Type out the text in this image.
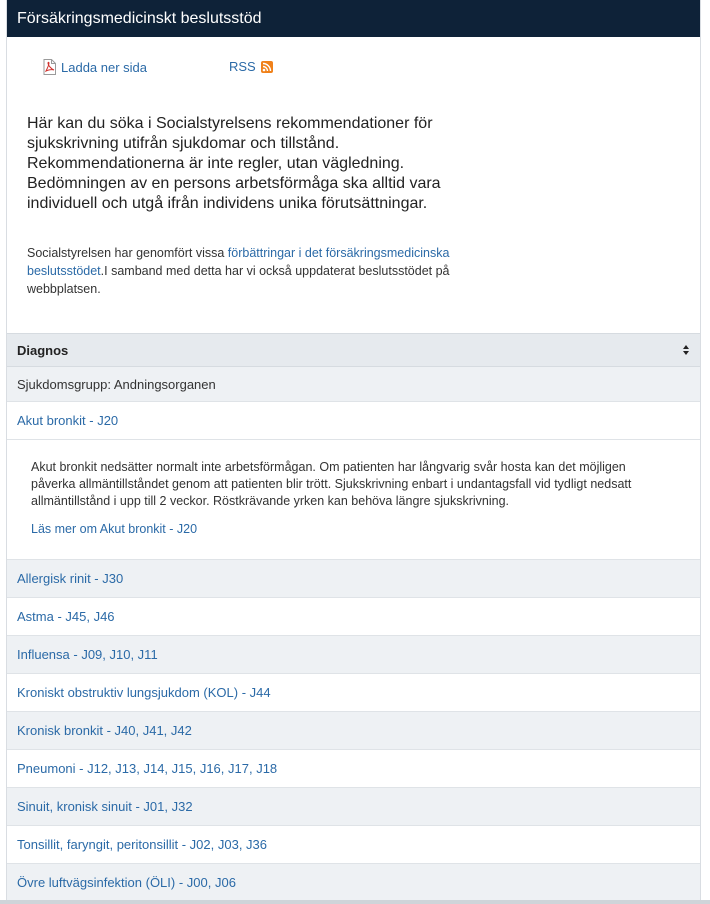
Försäkringsmedicinskt beslutsstöd
Ladda ner sida	RSS
Här kan du söka i Socialstyrelsens rekommendationer för sjukskrivning utifrån sjukdomar och tillstånd. Rekommendationerna är inte regler, utan vägledning. Bedömningen av en persons arbetsförmåga ska alltid vara individuell och utgå ifrån individens unika förutsättningar.
Socialstyrelsen har genomfört vissa förbättringar i det försäkringsmedicinska beslutsstödet.I samband med detta har vi också uppdaterat beslutsstödet på webbplatsen.
Diagnos
Sjukdomsgrupp: Andningsorganen
Akut bronkit - J20
Akut bronkit nedsätter normalt inte arbetsförmågan. Om patienten har långvarig svår hosta kan det möjligen påverka allmäntillståndet genom att patienten blir trött. Sjukskrivning enbart i undantagsfall vid tydligt nedsatt allmäntillstånd i upp till 2 veckor. Röstkrävande yrken kan behöva längre sjukskrivning.
Läs mer om Akut bronkit - J20
Allergisk rinit - J30
Astma - J45, J46
Influensa - J09, J10, J11
Kroniskt obstruktiv lungsjukdom (KOL) - J44
Kronisk bronkit - J40, J41, J42
Pneumoni - J12, J13, J14, J15, J16, J17, J18
Sinuit, kronisk sinuit - J01, J32
Tonsillit, faryngit, peritonsillit - J02, J03, J36
Övre luftvägsinfektion (ÖLI) - J00, J06
